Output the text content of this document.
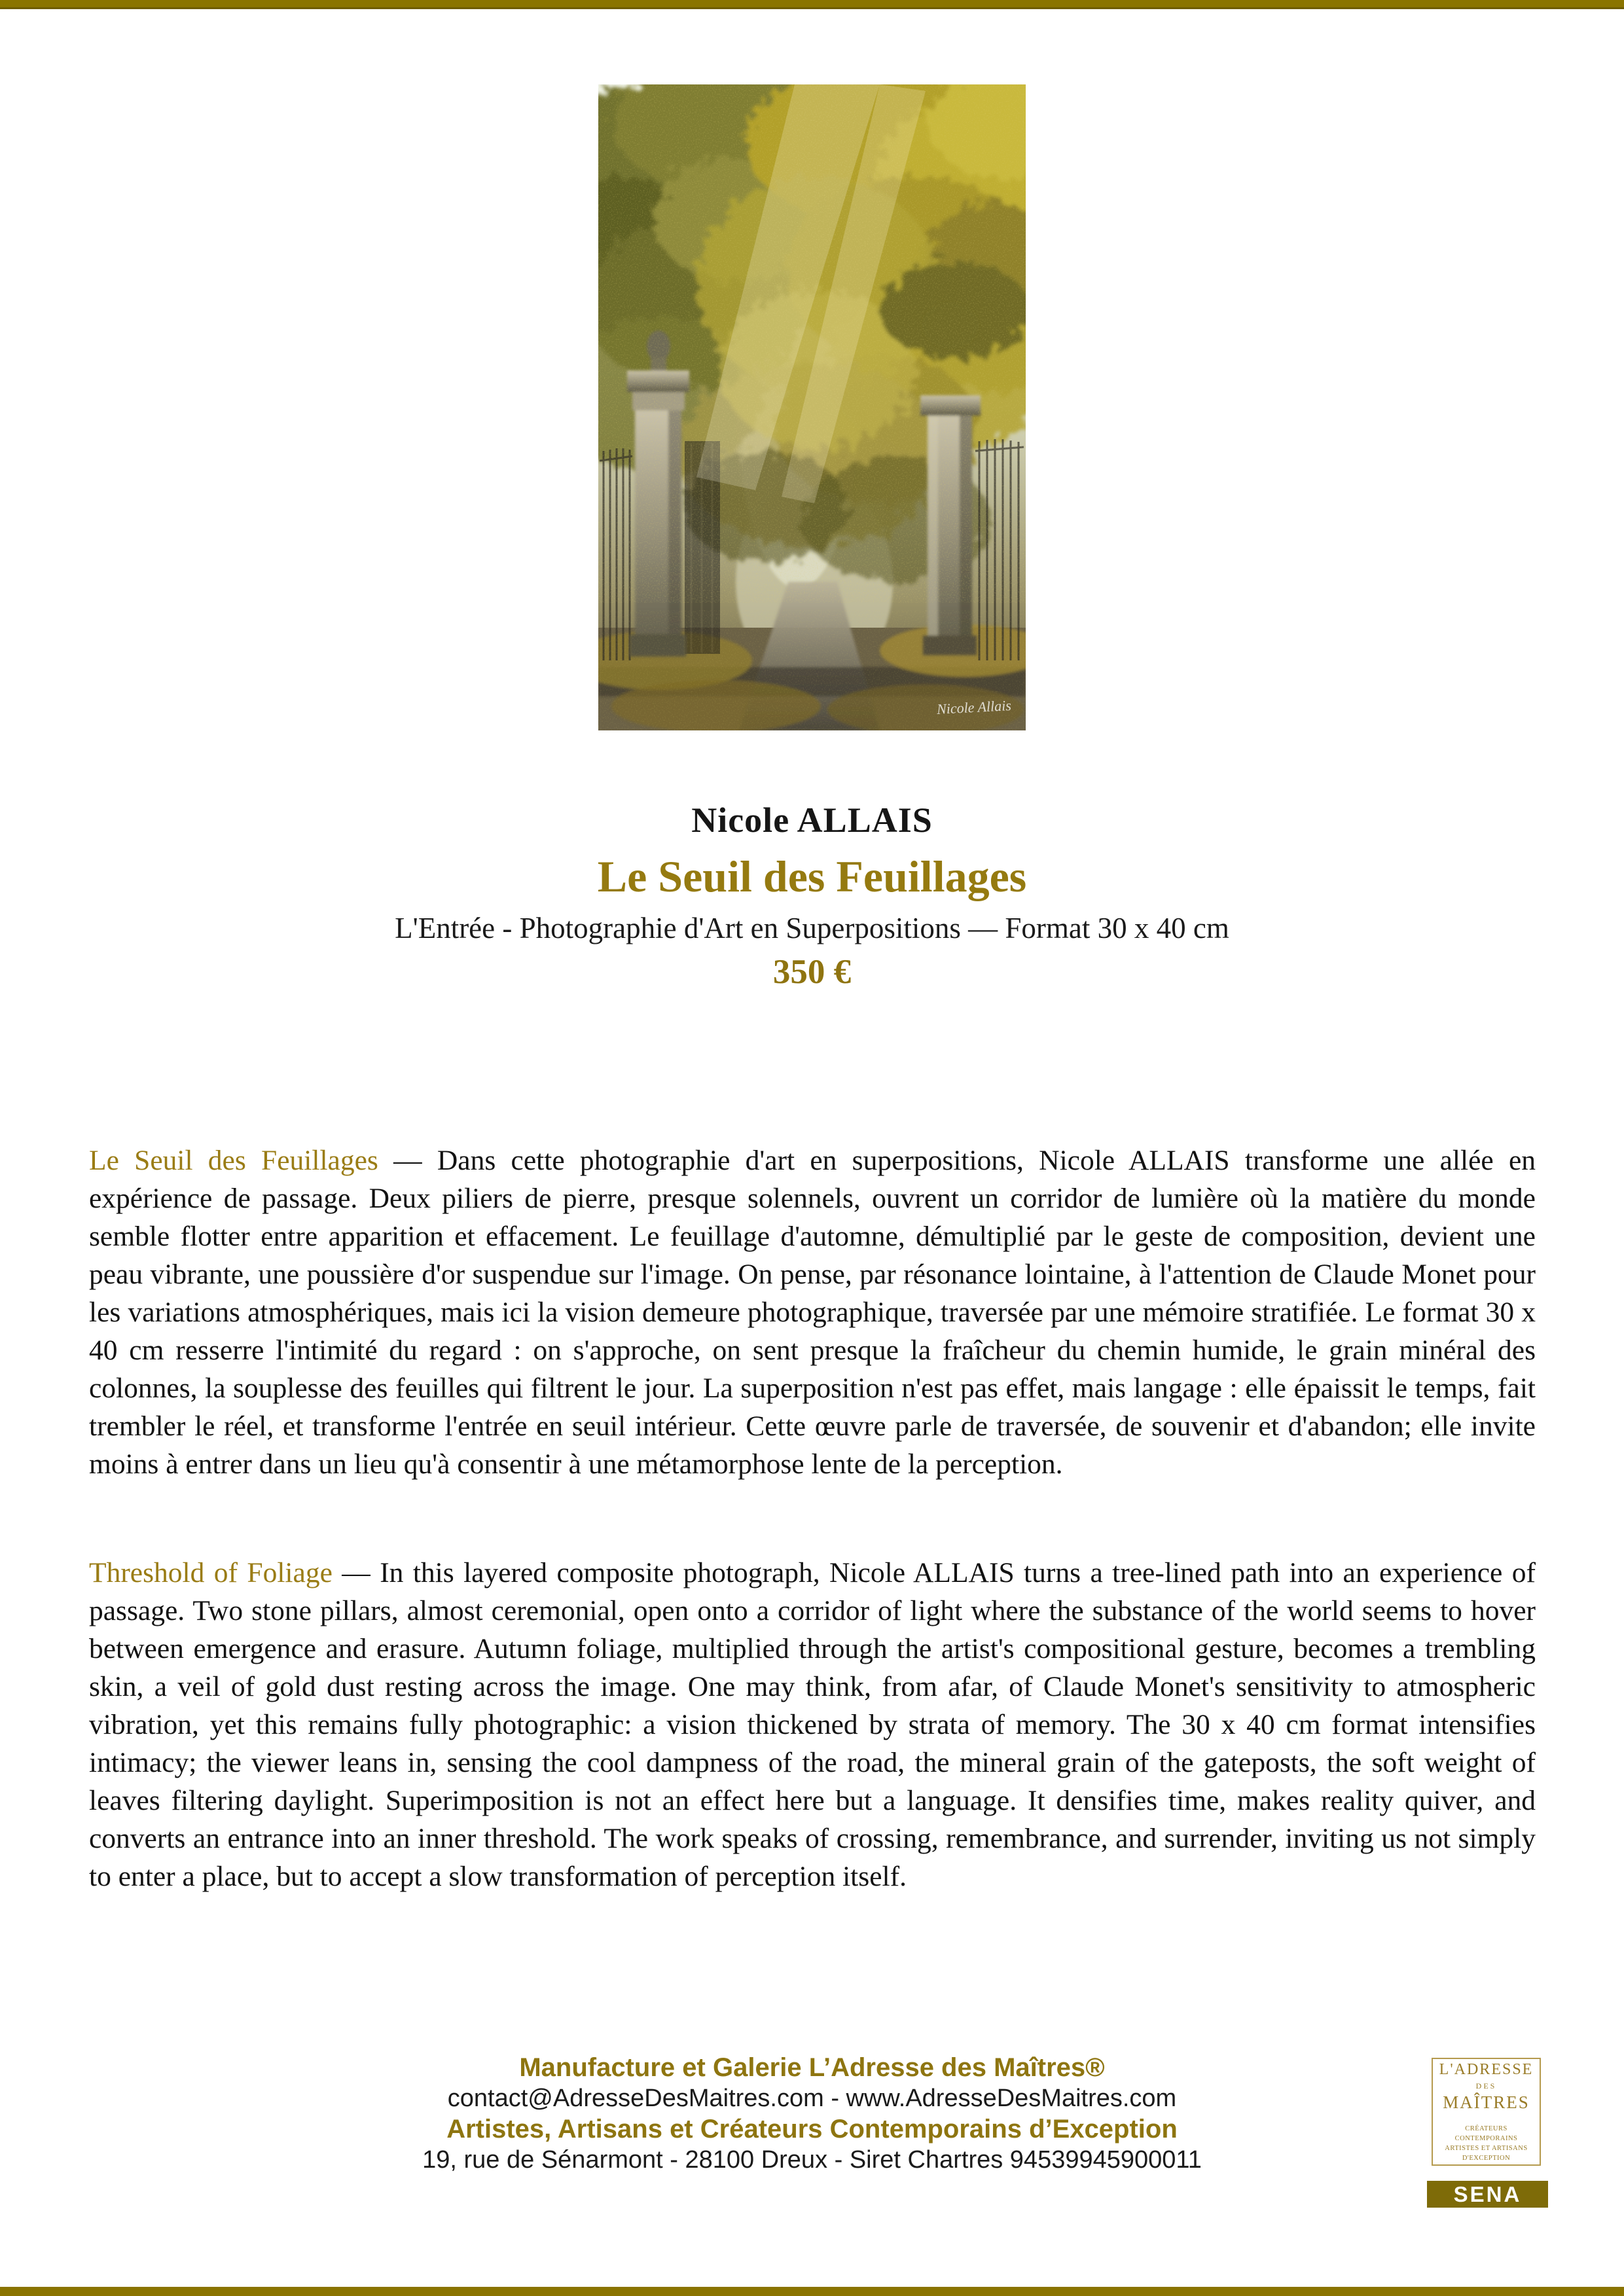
Nicole Allais
Nicole ALLAIS
Le Seuil des Feuillages
L'Entrée - Photographie d'Art en Superpositions — Format 30 x 40 cm
350 €

Le Seuil des Feuillages — Dans cette photographie d'art en superpositions, Nicole ALLAIS transforme une allée en expérience de passage. Deux piliers de pierre, presque solennels, ouvrent un corridor de lumière où la matière du monde semble flotter entre apparition et effacement. Le feuillage d'automne, démultiplié par le geste de composition, devient une peau vibrante, une poussière d'or suspendue sur l'image. On pense, par résonance lointaine, à l'attention de Claude Monet pour les variations atmosphériques, mais ici la vision demeure photographique, traversée par une mémoire stratifiée. Le format 30 x 40 cm resserre l'intimité du regard : on s'approche, on sent presque la fraîcheur du chemin humide, le grain minéral des colonnes, la souplesse des feuilles qui filtrent le jour. La superposition n'est pas effet, mais langage : elle épaissit le temps, fait trembler le réel, et transforme l'entrée en seuil intérieur. Cette œuvre parle de traversée, de souvenir et d'abandon; elle invite moins à entrer dans un lieu qu'à consentir à une métamorphose lente de la perception.

Threshold of Foliage — In this layered composite photograph, Nicole ALLAIS turns a tree-lined path into an experience of passage. Two stone pillars, almost ceremonial, open onto a corridor of light where the substance of the world seems to hover between emergence and erasure. Autumn foliage, multiplied through the artist's compositional gesture, becomes a trembling skin, a veil of gold dust resting across the image. One may think, from afar, of Claude Monet's sensitivity to atmospheric vibration, yet this remains fully photographic: a vision thickened by strata of memory. The 30 x 40 cm format intensifies intimacy; the viewer leans in, sensing the cool dampness of the road, the mineral grain of the gateposts, the soft weight of leaves filtering daylight. Superimposition is not an effect here but a language. It densifies time, makes reality quiver, and converts an entrance into an inner threshold. The work speaks of crossing, remembrance, and surrender, inviting us not simply to enter a place, but to accept a slow transformation of perception itself.

Manufacture et Galerie L’Adresse des Maîtres®
contact@AdresseDesMaitres.com - www.AdresseDesMaitres.com
Artistes, Artisans et Créateurs Contemporains d’Exception
19, rue de Sénarmont - 28100 Dreux - Siret Chartres 94539945900011
L'ADRESSE
DES
MAÎTRES
CRÉATEURS CONTEMPORAINS
ARTISTES ET ARTISANS
D'EXCEPTION
SENA
